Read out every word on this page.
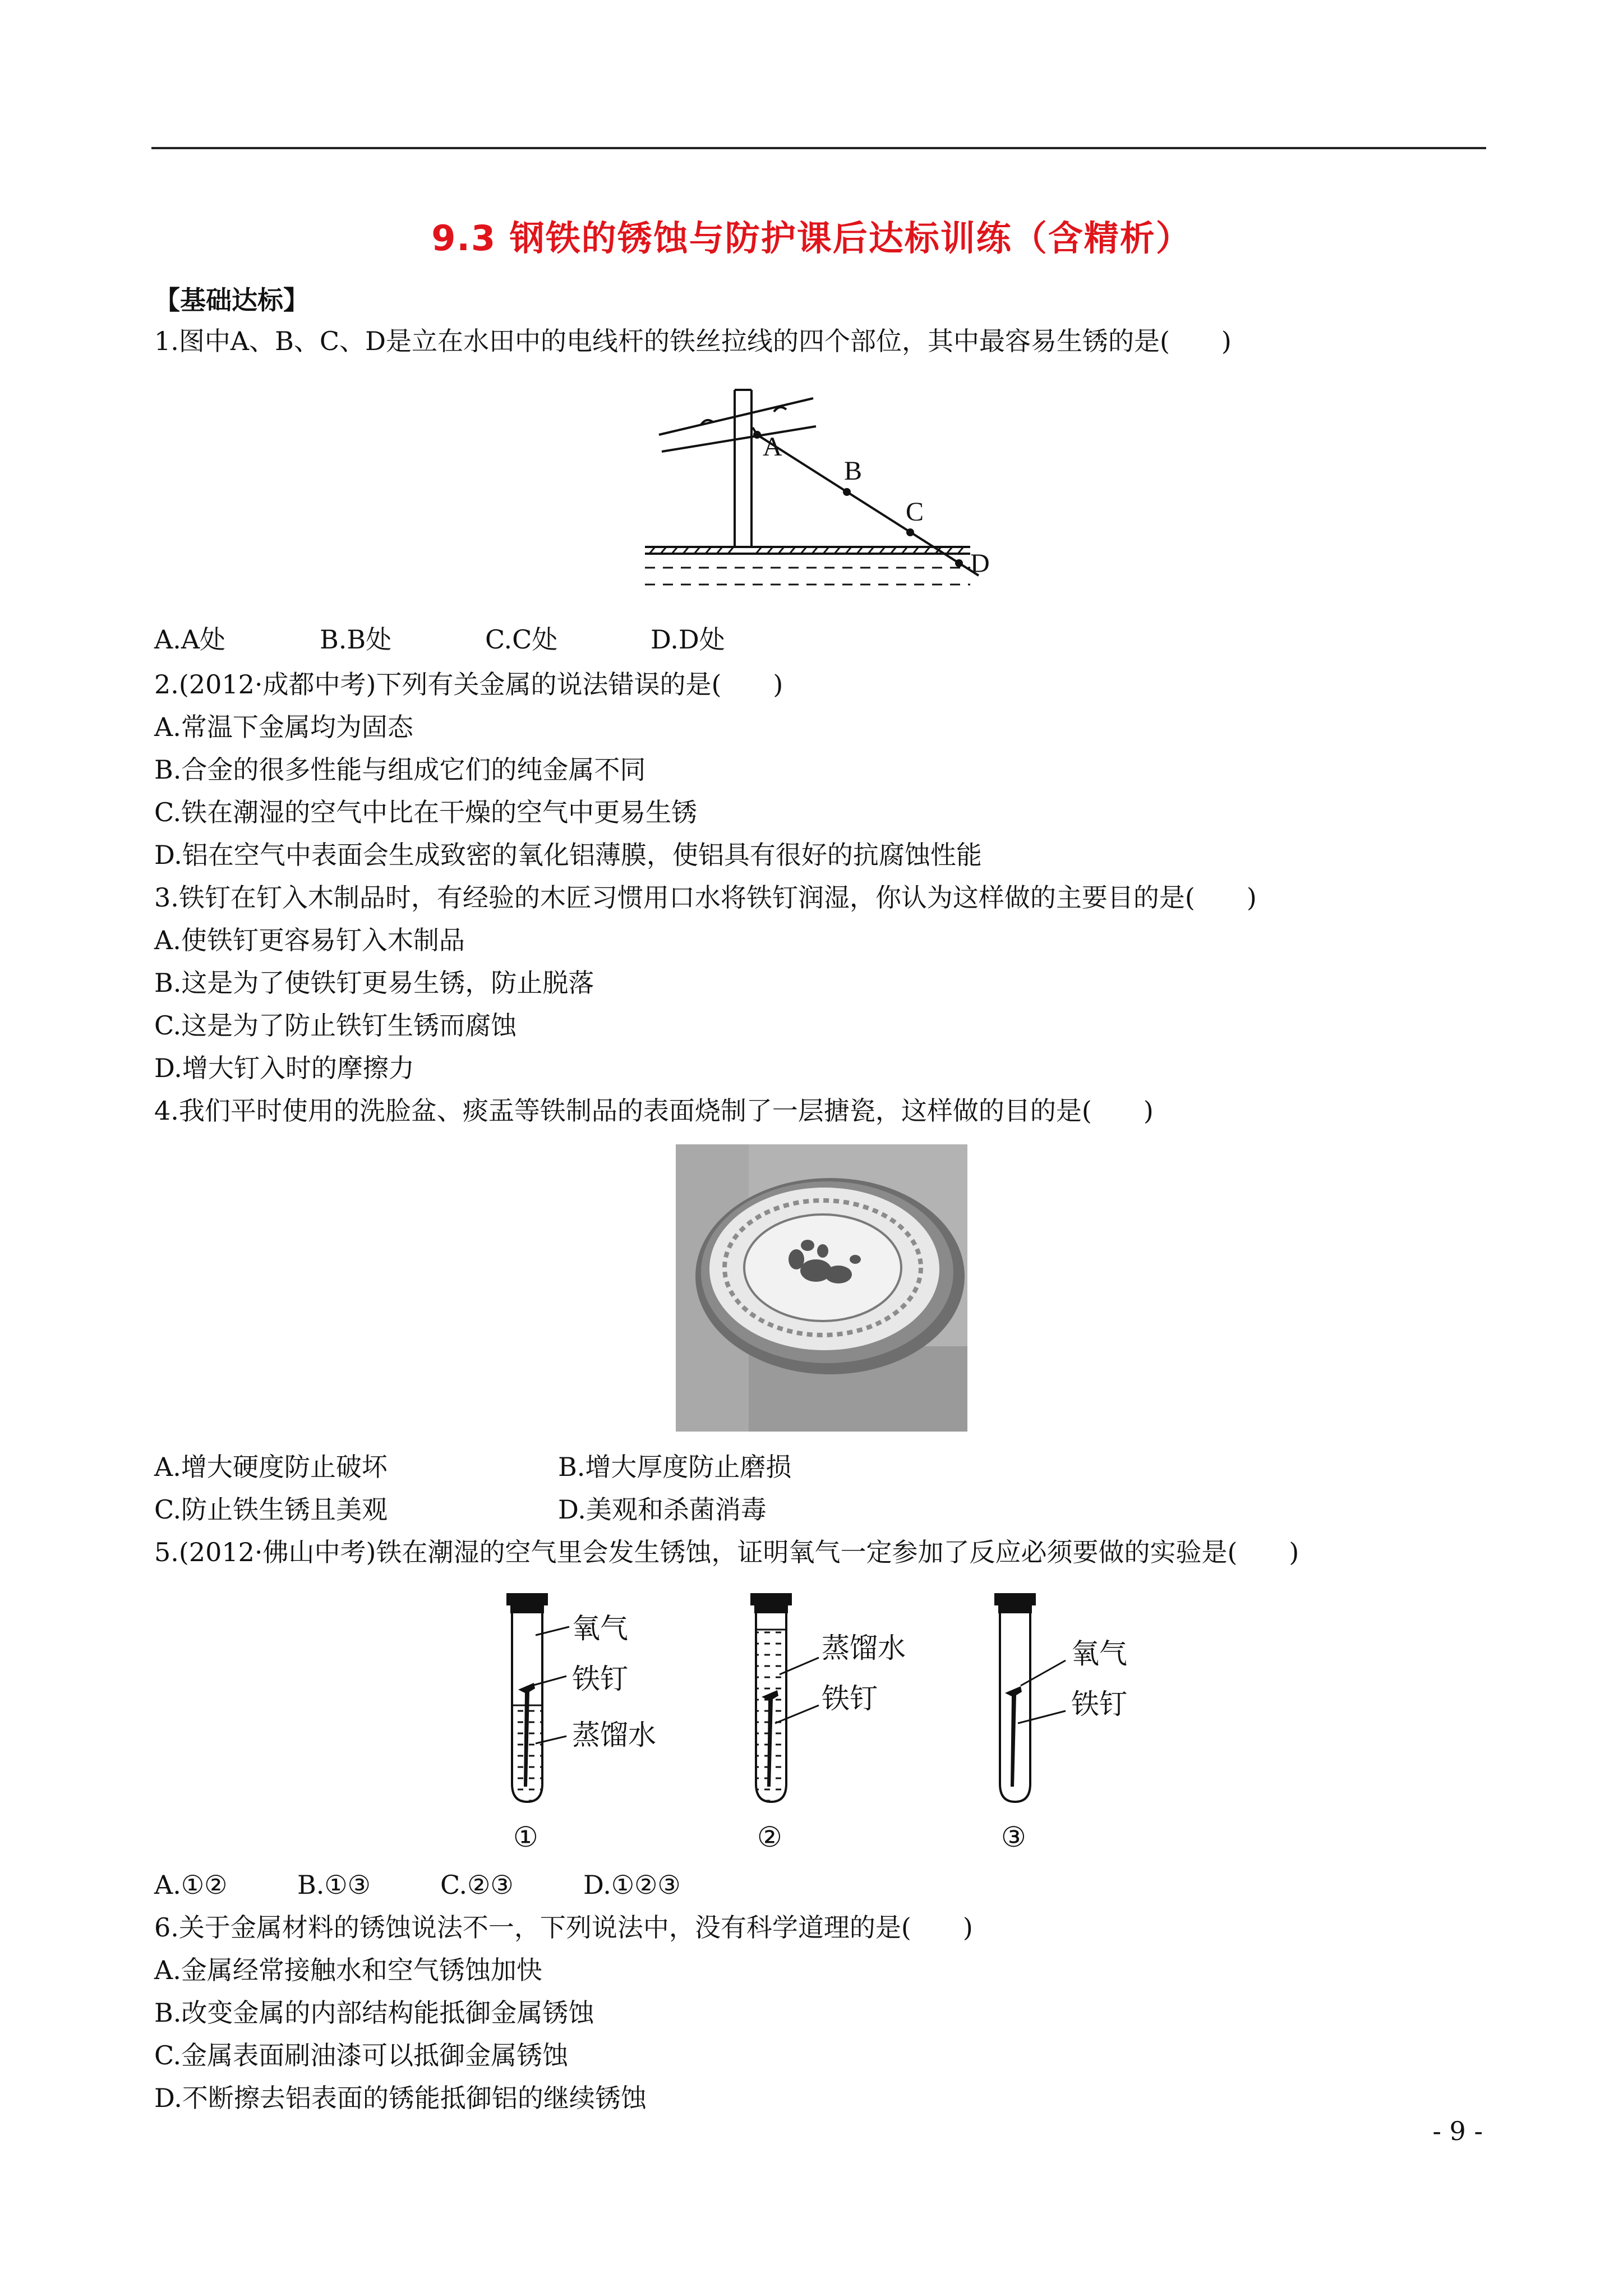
9.3 钢铁的锈蚀与防护课后达标训练（含精析）
【基础达标】
1.图中A、B、C、D是立在水田中的电线杆的铁丝拉线的四个部位，其中最容易生锈的是(　　)
A
B
C
D
A.A处	B.B处	C.C处	D.D处
2.(2012·成都中考)下列有关金属的说法错误的是(　　)
A.常温下金属均为固态
B.合金的很多性能与组成它们的纯金属不同
C.铁在潮湿的空气中比在干燥的空气中更易生锈
D.铝在空气中表面会生成致密的氧化铝薄膜，使铝具有很好的抗腐蚀性能
3.铁钉在钉入木制品时，有经验的木匠习惯用口水将铁钉润湿，你认为这样做的主要目的是(　　)
A.使铁钉更容易钉入木制品
B.这是为了使铁钉更易生锈，防止脱落
C.这是为了防止铁钉生锈而腐蚀
D.增大钉入时的摩擦力
4.我们平时使用的洗脸盆、痰盂等铁制品的表面烧制了一层搪瓷，这样做的目的是(　　)
A.增大硬度防止破坏	B.增大厚度防止磨损
C.防止铁生锈且美观	D.美观和杀菌消毒
5.(2012·佛山中考)铁在潮湿的空气里会发生锈蚀，证明氧气一定参加了反应必须要做的实验是(　　)
氧气
铁钉
蒸馏水
①
蒸馏水
铁钉
②
氧气
铁钉
③
A.①②	B.①③	C.②③	D.①②③
6.关于金属材料的锈蚀说法不一，下列说法中，没有科学道理的是(　　)
A.金属经常接触水和空气锈蚀加快
B.改变金属的内部结构能抵御金属锈蚀
C.金属表面刷油漆可以抵御金属锈蚀
D.不断擦去铝表面的锈能抵御铝的继续锈蚀
- 9 -
